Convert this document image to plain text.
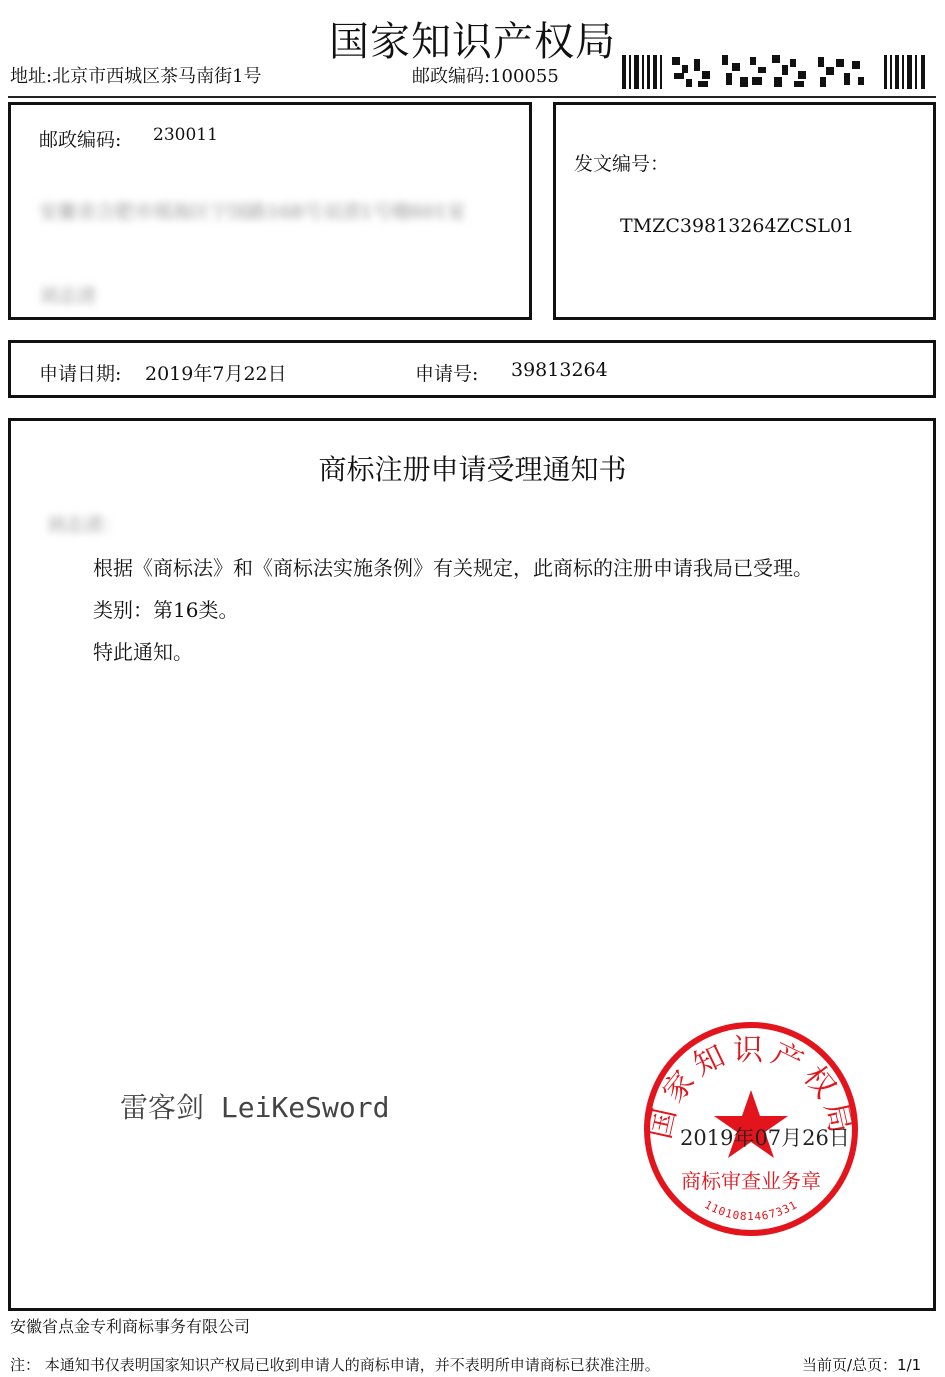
国家知识产权局
地址:北京市西城区茶马南街1号	邮政编码:100055
邮政编码: 230011
安徽省合肥市瑶海区宁国路168号双清1号楼601室
刘志清
发文编号：
TMZC39813264ZCSL01
申请日期: 2019年7月22日	申请号: 39813264
商标注册申请受理通知书
刘志清：
根据《商标法》和《商标法实施条例》有关规定，此商标的注册申请我局已受理。
类别：第16类。
特此通知。
雷客剑 LeiKeSword	国家知识产权局
商标审查业务章
1101081467331
2019年07月26日
安徽省点金专利商标事务有限公司
注： 本通知书仅表明国家知识产权局已收到申请人的商标申请，并不表明所申请商标已获准注册。	当前页/总页：1/1
